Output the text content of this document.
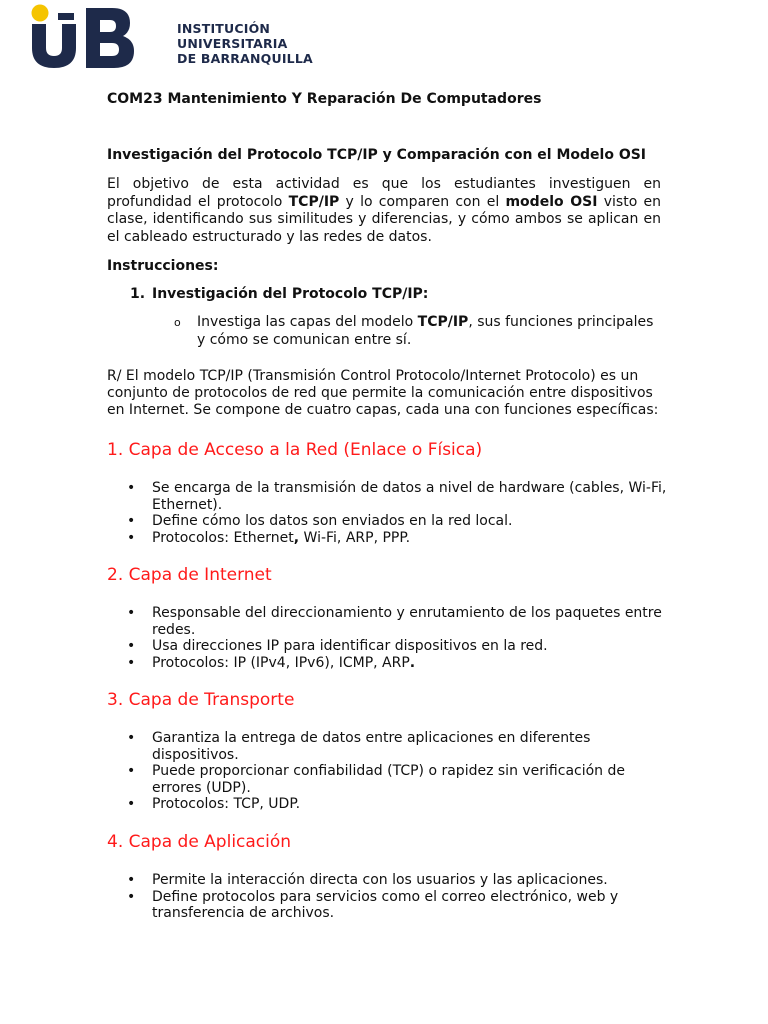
INSTITUCIÓN
UNIVERSITARIA
DE BARRANQUILLA
COM23 Mantenimiento Y Reparación De Computadores
Investigación del Protocolo TCP/IP y Comparación con el Modelo OSI
El objetivo de esta actividad es que los estudiantes investiguen en profundidad el protocolo TCP/IP y lo comparen con el modelo OSI visto en clase, identificando sus similitudes y diferencias, y cómo ambos se aplican en el cableado estructurado y las redes de datos.
Instrucciones:
1. Investigación del Protocolo TCP/IP:
o Investiga las capas del modelo TCP/IP, sus funciones principales y cómo se comunican entre sí.
R/ El modelo TCP/IP (Transmisión Control Protocolo/Internet Protocolo) es un conjunto de protocolos de red que permite la comunicación entre dispositivos en Internet. Se compone de cuatro capas, cada una con funciones específicas:
1. Capa de Acceso a la Red (Enlace o Física)
• Se encarga de la transmisión de datos a nivel de hardware (cables, Wi-Fi, Ethernet).
• Define cómo los datos son enviados en la red local.
• Protocolos: Ethernet, Wi-Fi, ARP, PPP.
2. Capa de Internet
• Responsable del direccionamiento y enrutamiento de los paquetes entre redes.
• Usa direcciones IP para identificar dispositivos en la red.
• Protocolos: IP (IPv4, IPv6), ICMP, ARP.
3. Capa de Transporte
• Garantiza la entrega de datos entre aplicaciones en diferentes dispositivos.
• Puede proporcionar confiabilidad (TCP) o rapidez sin verificación de errores (UDP).
• Protocolos: TCP, UDP.
4. Capa de Aplicación
• Permite la interacción directa con los usuarios y las aplicaciones.
• Define protocolos para servicios como el correo electrónico, web y transferencia de archivos.
